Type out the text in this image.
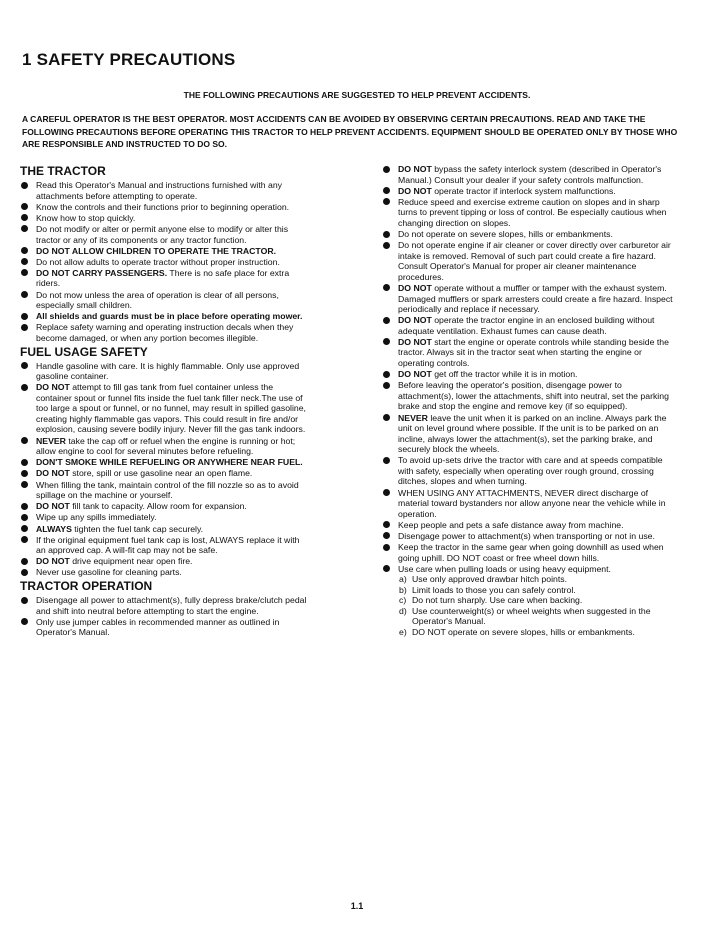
1 SAFETY PRECAUTIONS
THE FOLLOWING PRECAUTIONS ARE SUGGESTED TO HELP PREVENT ACCIDENTS.
A CAREFUL OPERATOR IS THE BEST OPERATOR. MOST ACCIDENTS CAN BE AVOIDED BY OBSERVING CERTAIN PRECAUTIONS. READ AND TAKE THE FOLLOWING PRECAUTIONS BEFORE OPERATING THIS TRACTOR TO HELP PREVENT ACCIDENTS. EQUIPMENT SHOULD BE OPERATED ONLY BY THOSE WHO ARE RESPONSIBLE AND INSTRUCTED TO DO SO.
THE TRACTOR
Read this Operator's Manual and instructions furnished with any attachments before attempting to operate.
Know the controls and their functions prior to beginning operation.
Know how to stop quickly.
Do not modify or alter or permit anyone else to modify or alter this tractor or any of its components or any tractor function.
DO NOT ALLOW CHILDREN TO OPERATE THE TRACTOR.
Do not allow adults to operate tractor without proper instruction.
DO NOT CARRY PASSENGERS. There is no safe place for extra riders.
Do not mow unless the area of operation is clear of all persons, especially small children.
All shields and guards must be in place before operating mower.
Replace safety warning and operating instruction decals when they become damaged, or when any portion becomes illegible.
FUEL USAGE SAFETY
Handle gasoline with care. It is highly flammable. Only use approved gasoline container.
DO NOT attempt to fill gas tank from fuel container unless the container spout or funnel fits inside the fuel tank filler neck.The use of too large a spout or funnel, or no funnel, may result in spilled gasoline, creating highly flammable gas vapors. This could result in fire and/or explosion, causing severe bodily injury. Never fill the gas tank indoors.
NEVER take the cap off or refuel when the engine is running or hot; allow engine to cool for several minutes before refueling.
DON'T SMOKE WHILE REFUELING OR ANYWHERE NEAR FUEL.
DO NOT store, spill or use gasoline near an open flame.
When filling the tank, maintain control of the fill nozzle so as to avoid spillage on the machine or yourself.
DO NOT fill tank to capacity. Allow room for expansion.
Wipe up any spills immediately.
ALWAYS tighten the fuel tank cap securely.
If the original equipment fuel tank cap is lost, ALWAYS replace it with an approved cap. A will-fit cap may not be safe.
DO NOT drive equipment near open fire.
Never use gasoline for cleaning parts.
TRACTOR OPERATION
Disengage all power to attachment(s), fully depress brake/clutch pedal and shift into neutral before attempting to start the engine.
Only use jumper cables in recommended manner as outlined in Operator's Manual.
DO NOT bypass the safety interlock system (described in Operator's Manual.) Consult your dealer if your safety controls malfunction.
DO NOT operate tractor if interlock system malfunctions.
Reduce speed and exercise extreme caution on slopes and in sharp turns to prevent tipping or loss of control. Be especially cautious when changing direction on slopes.
Do not operate on severe slopes, hills or embankments.
Do not operate engine if air cleaner or cover directly over carburetor air intake is removed. Removal of such part could create a fire hazard. Consult Operator's Manual for proper air cleaner maintenance procedures.
DO NOT operate without a muffler or tamper with the exhaust system. Damaged mufflers or spark arresters could create a fire hazard. Inspect periodically and replace if necessary.
DO NOT operate the tractor engine in an enclosed building without adequate ventilation. Exhaust fumes can cause death.
DO NOT start the engine or operate controls while standing beside the tractor. Always sit in the tractor seat when starting the engine or operating controls.
DO NOT get off the tractor while it is in motion.
Before leaving the operator's position, disengage power to attachment(s), lower the attachments, shift into neutral, set the parking brake and stop the engine and remove key (if so equipped).
NEVER leave the unit when it is parked on an incline. Always park the unit on level ground where possible. If the unit is to be parked on an incline, always lower the attachment(s), set the parking brake, and securely block the wheels.
To avoid up-sets drive the tractor with care and at speeds compatible with safety, especially when operating over rough ground, crossing ditches, slopes and when turning.
WHEN USING ANY ATTACHMENTS, NEVER direct discharge of material toward bystanders nor allow anyone near the vehicle while in operation.
Keep people and pets a safe distance away from machine.
Disengage power to attachment(s) when transporting or not in use.
Keep the tractor in the same gear when going downhill as used when going uphill. DO NOT coast or free wheel down hills.
Use care when pulling loads or using heavy equipment.
a) Use only approved drawbar hitch points.
b) Limit loads to those you can safely control.
c) Do not turn sharply. Use care when backing.
d) Use counterweight(s) or wheel weights when suggested in the Operator's Manual.
e) DO NOT operate on severe slopes, hills or embankments.
1.1
